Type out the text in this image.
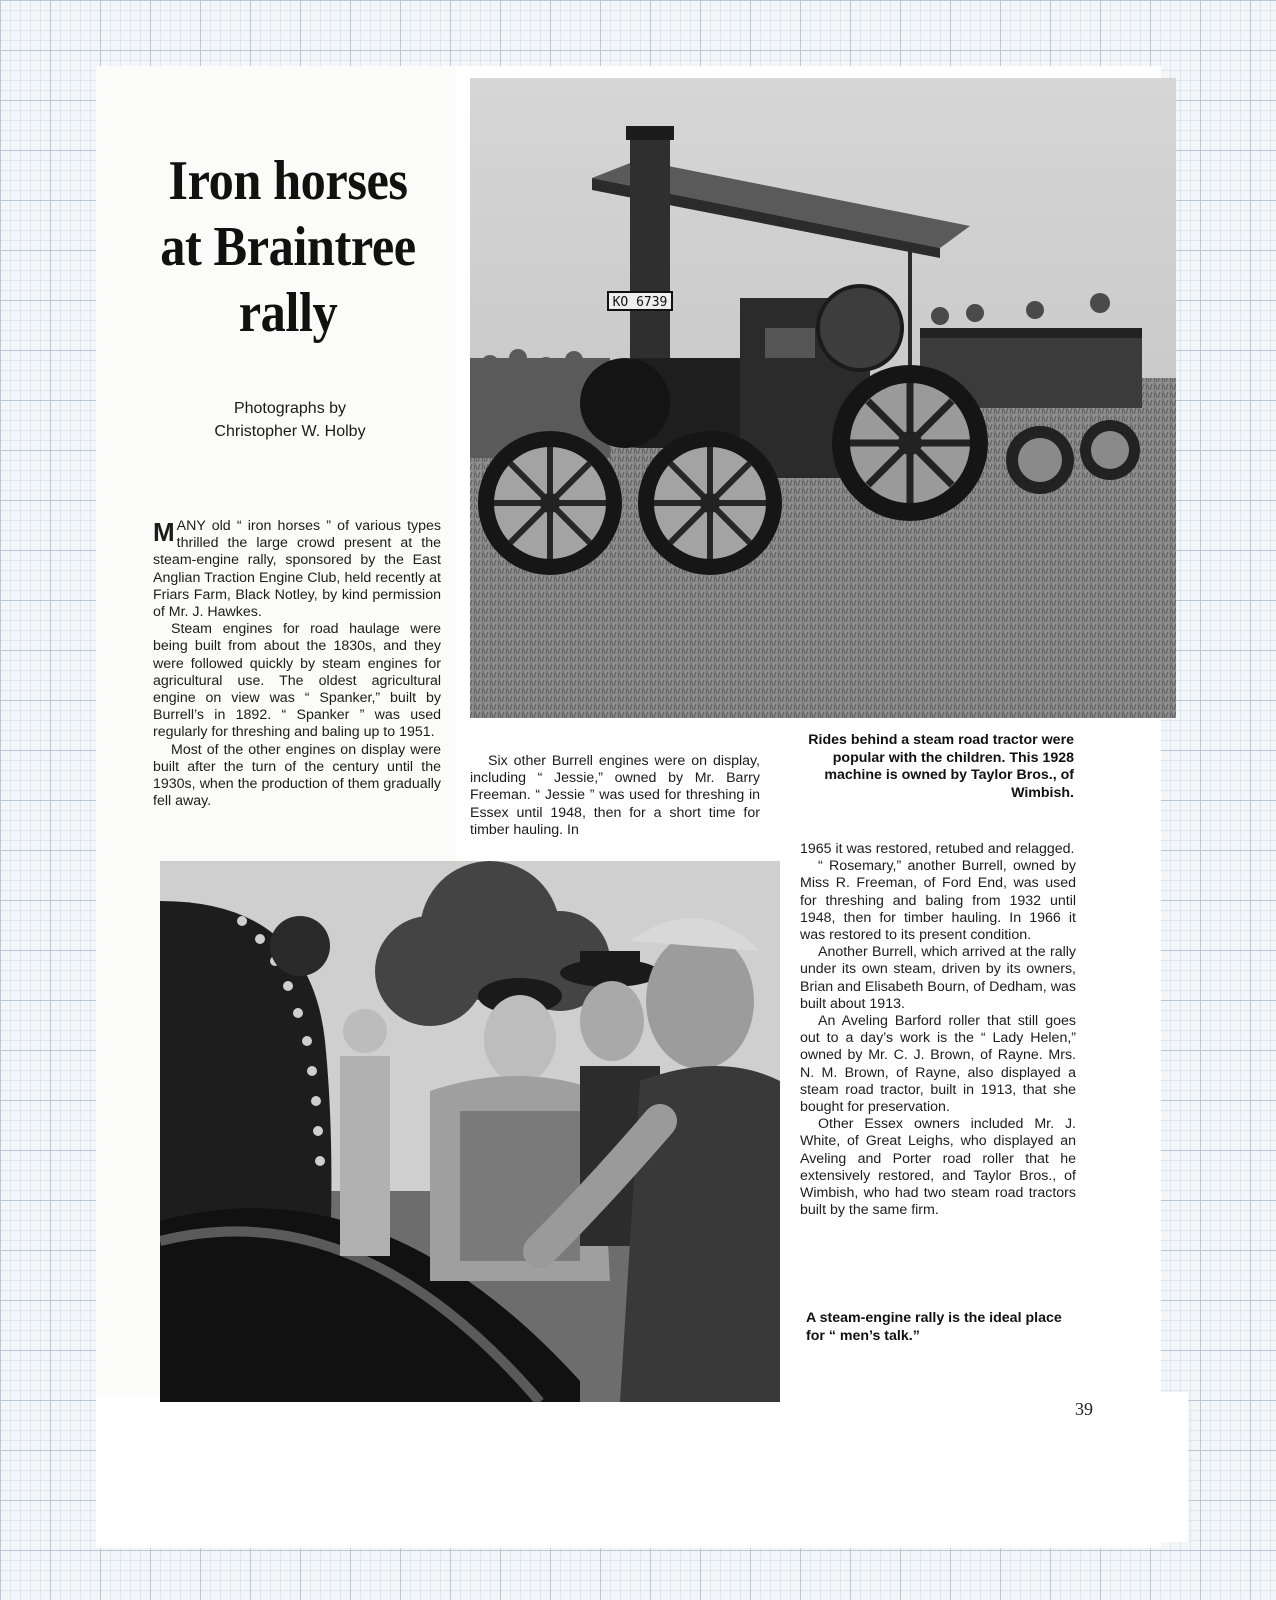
Iron horses
at Braintree
rally
Photographs by
Christopher W. Holby
KO 6739

MANY old “ iron horses ” of various types thrilled the large crowd present at the steam-engine rally, sponsored by the East Anglian Traction Engine Club, held recently at Friars Farm, Black Notley, by kind permission of Mr. J. Hawkes.

Steam engines for road haulage were being built from about the 1830s, and they were followed quickly by steam engines for agricultural use. The oldest agricultural engine on view was “ Spanker,” built by Burrell’s in 1892. “ Spanker ” was used regularly for threshing and baling up to 1951.

Most of the other engines on display were built after the turn of the century until the 1930s, when the production of them gradually fell away.

Six other Burrell engines were on display, including “ Jessie,” owned by Mr. Barry Freeman. “ Jessie ” was used for threshing in Essex until 1948, then for a short time for timber hauling. In

1965 it was restored, retubed and relagged.

“ Rosemary,” another Burrell, owned by Miss R. Freeman, of Ford End, was used for threshing and baling from 1932 until 1948, then for timber hauling. In 1966 it was restored to its present condition.

Another Burrell, which arrived at the rally under its own steam, driven by its owners, Brian and Elisabeth Bourn, of Dedham, was built about 1913.

An Aveling Barford roller that still goes out to a day’s work is the “ Lady Helen,” owned by Mr. C. J. Brown, of Rayne. Mrs. N. M. Brown, of Rayne, also displayed a steam road tractor, built in 1913, that she bought for preservation.

Other Essex owners included Mr. J. White, of Great Leighs, who displayed an Aveling and Porter road roller that he extensively restored, and Taylor Bros., of Wimbish, who had two steam road tractors built by the same firm.

Rides behind a steam road tractor were popular with the children. This 1928 machine is owned by Taylor Bros., of Wimbish.
A steam-engine rally is the ideal place for “ men’s talk.”
39
